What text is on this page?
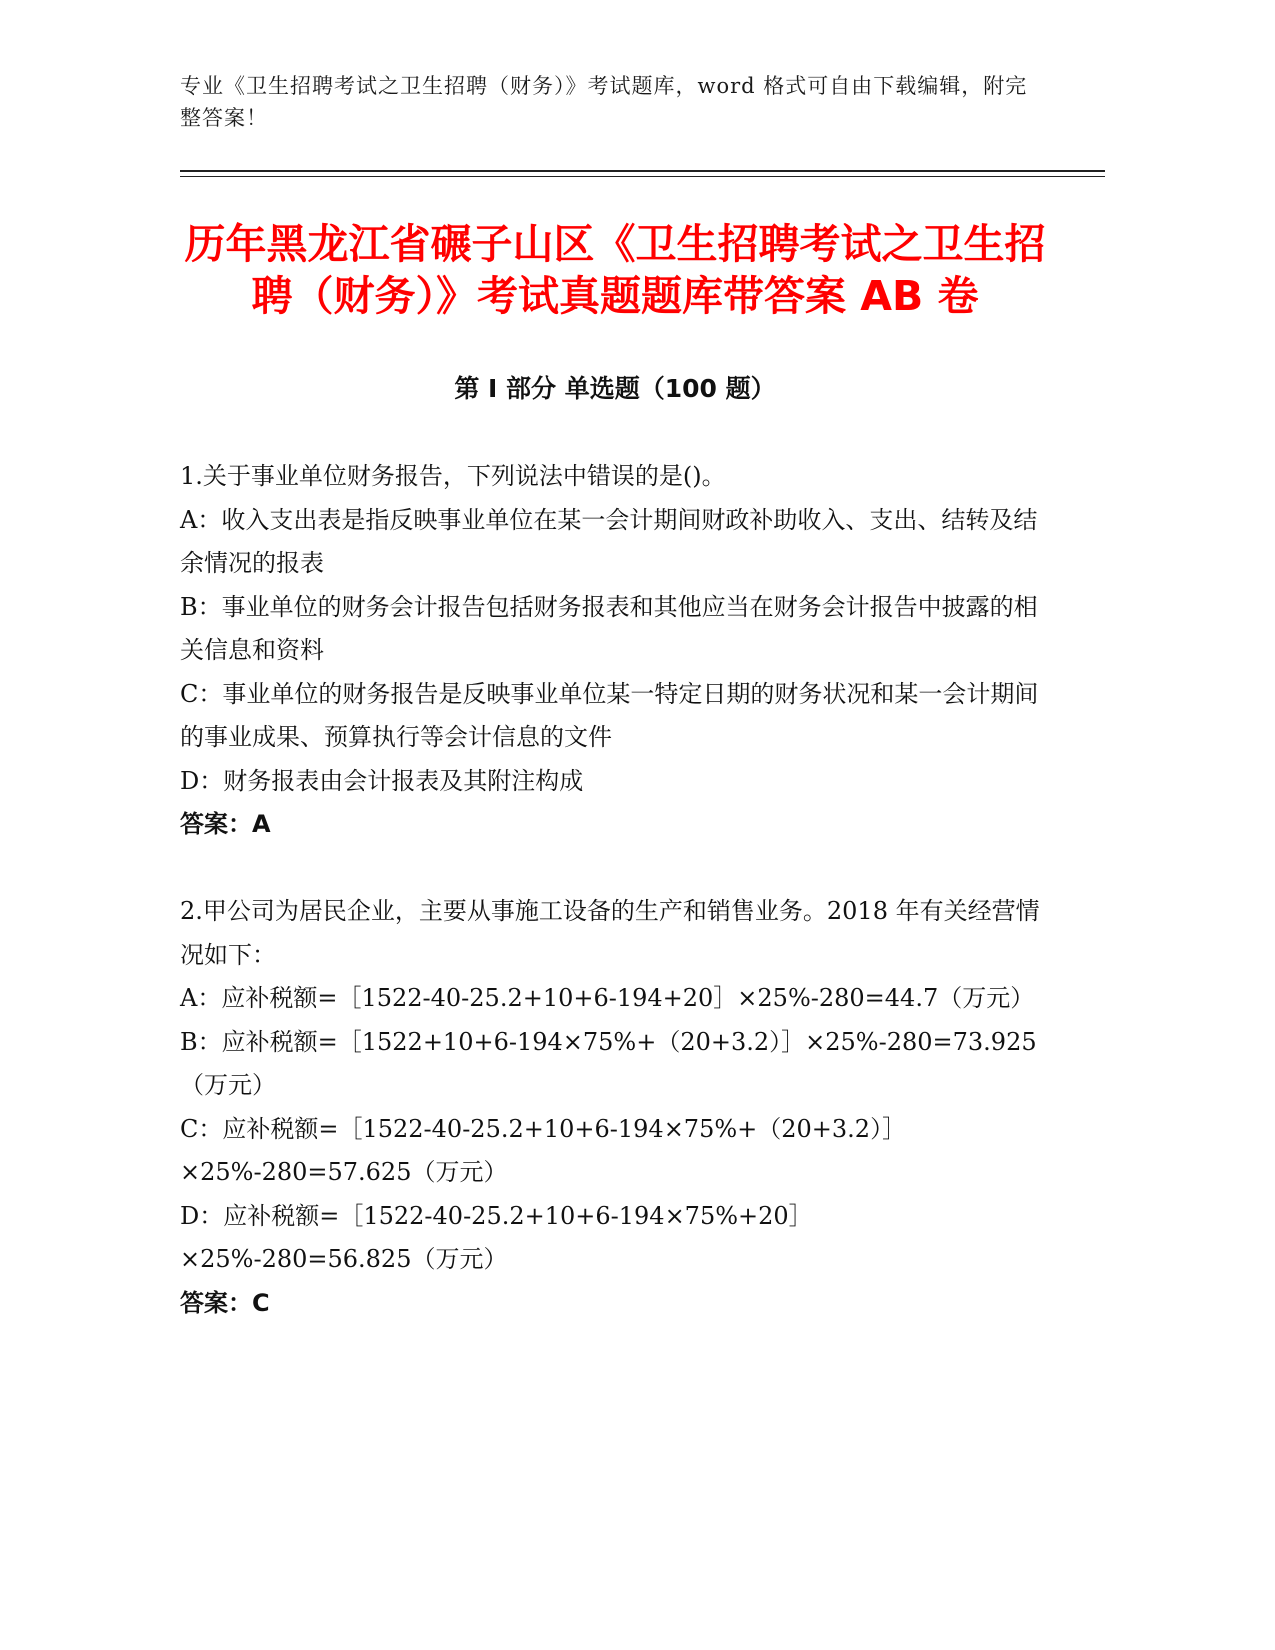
专业《卫生招聘考试之卫生招聘（财务）》考试题库，word 格式可自由下载编辑，附完整答案！
历年黑龙江省碾子山区《卫生招聘考试之卫生招聘（财务）》考试真题题库带答案 AB 卷
第 I 部分 单选题（100 题）
1.关于事业单位财务报告，下列说法中错误的是()。
A：收入支出表是指反映事业单位在某一会计期间财政补助收入、支出、结转及结余情况的报表
B：事业单位的财务会计报告包括财务报表和其他应当在财务会计报告中披露的相关信息和资料
C：事业单位的财务报告是反映事业单位某一特定日期的财务状况和某一会计期间的事业成果、预算执行等会计信息的文件
D：财务报表由会计报表及其附注构成
答案：A
2.甲公司为居民企业，主要从事施工设备的生产和销售业务。2018 年有关经营情况如下：
A：应补税额=［1522-40-25.2+10+6-194+20］×25%-280=44.7（万元）
B：应补税额=［1522+10+6-194×75%+（20+3.2）］×25%-280=73.925（万元）
C：应补税额=［1522-40-25.2+10+6-194×75%+（20+3.2）］×25%-280=57.625（万元）
D：应补税额=［1522-40-25.2+10+6-194×75%+20］×25%-280=56.825（万元）
答案：C
